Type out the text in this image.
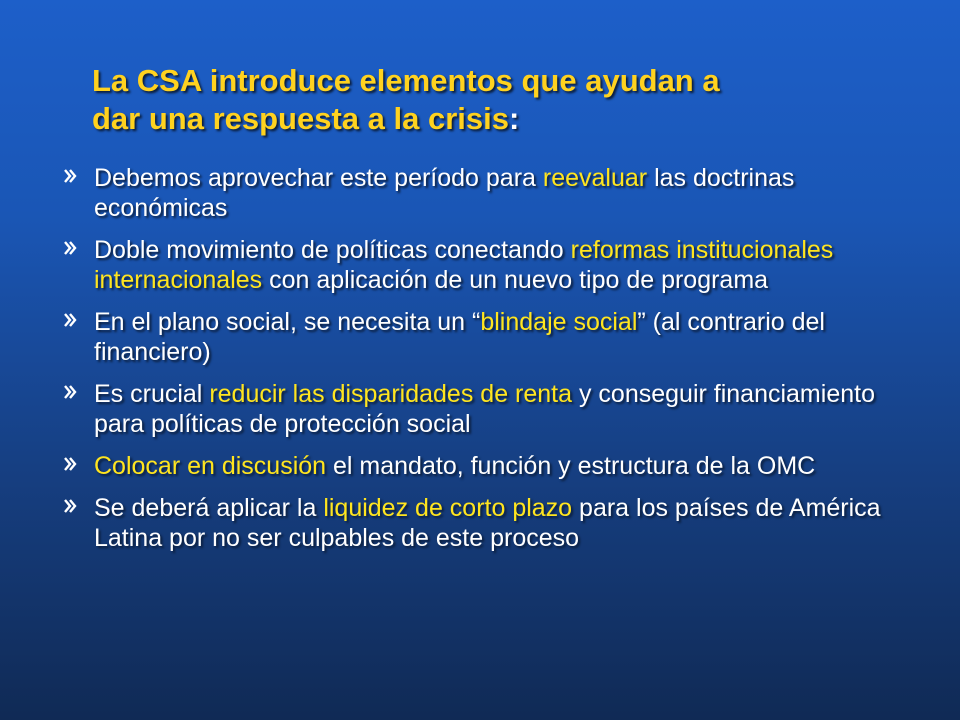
La CSA introduce elementos que ayudan a
dar una respuesta a la crisis:
Debemos aprovechar este período para reevaluar las doctrinas económicas
Doble movimiento de políticas conectando reformas institucionales internacionales con aplicación de un nuevo tipo de programa
En el plano social, se necesita un “blindaje social” (al contrario del financiero)
Es crucial reducir las disparidades de renta y conseguir financiamiento para políticas de protección social
Colocar en discusión el mandato, función y estructura de la OMC
Se deberá aplicar la liquidez de corto plazo para los países de América Latina por no ser culpables de este proceso
